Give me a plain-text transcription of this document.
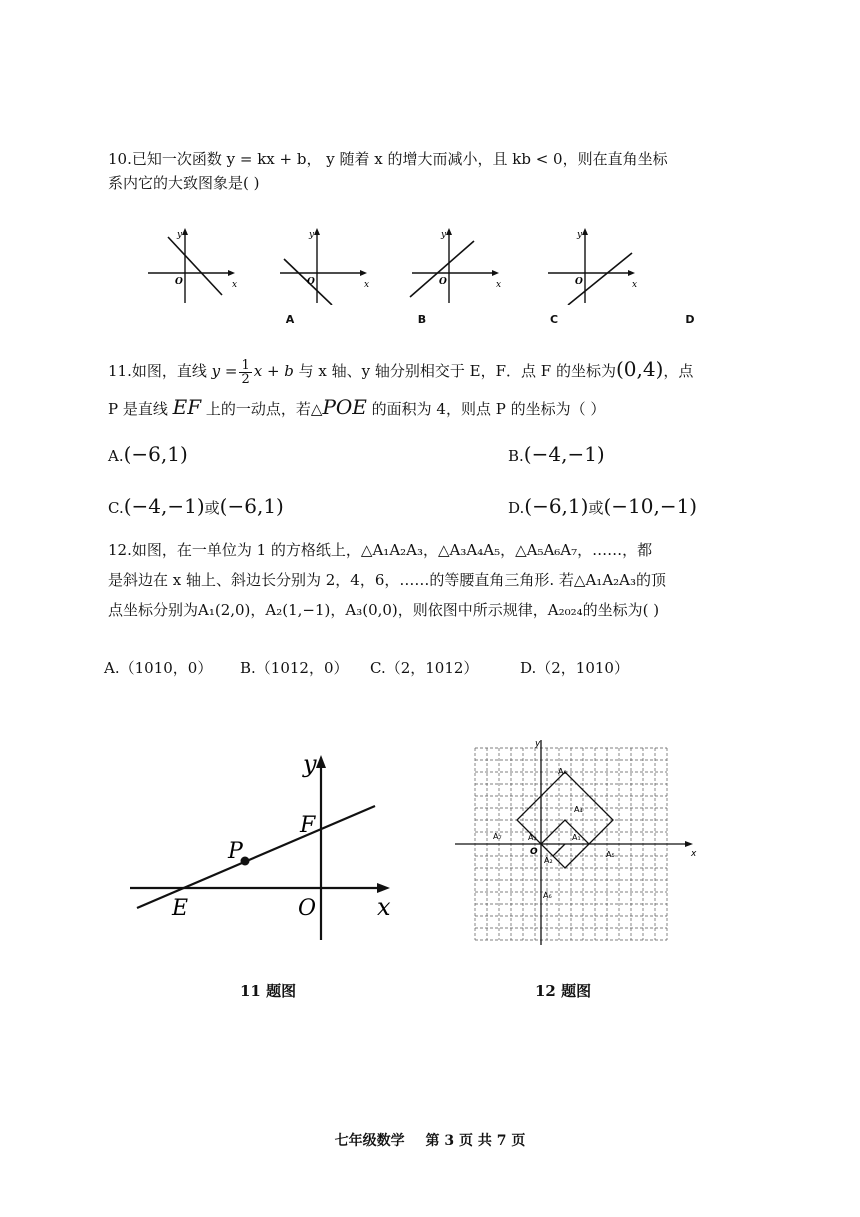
10.已知一次函数 y = kx + b， y 随着 x 的增大而减小，且 kb < 0，则在直角坐标
系内它的大致图象是( )
y
x
O
A
y
x
O
B
y
x
O
C
y
x
O
D
11.如图，直线 $y = \frac{1}{2}$ x + b 与 x 轴、y 轴分别相交于 E，F．点 F 的坐标为(0,4)，点
P 是直线 EF 上的一动点，若△POE 的面积为 4，则点 P 的坐标为（ ）
A.(−6,1)	B.(−4,−1)
C.(−4,−1)或(−6,1)	D.(−6,1)或(−10,−1)
12.如图，在一单位为 1 的方格纸上，△A₁A₂A₃，△A₃A₄A₅，△A₅A₆A₇，……，都
是斜边在 x 轴上、斜边长分别为 2，4，6，……的等腰直角三角形. 若△A₁A₂A₃的顶
点坐标分别为A₁(2,0)，A₂(1,−1)，A₃(0,0)，则依图中所示规律，A₂₀₂₄的坐标为( )
A.（1010，0） B.（1012，0） C.（2，1012）	D.（2，1010）
y
x
F
P
E	O
11 题图
y
x
O
A₁
A₂
A₃
A₄
A₅
A₆
A₇
A₈
12 题图
七年级数学 第 3 页 共 7 页
